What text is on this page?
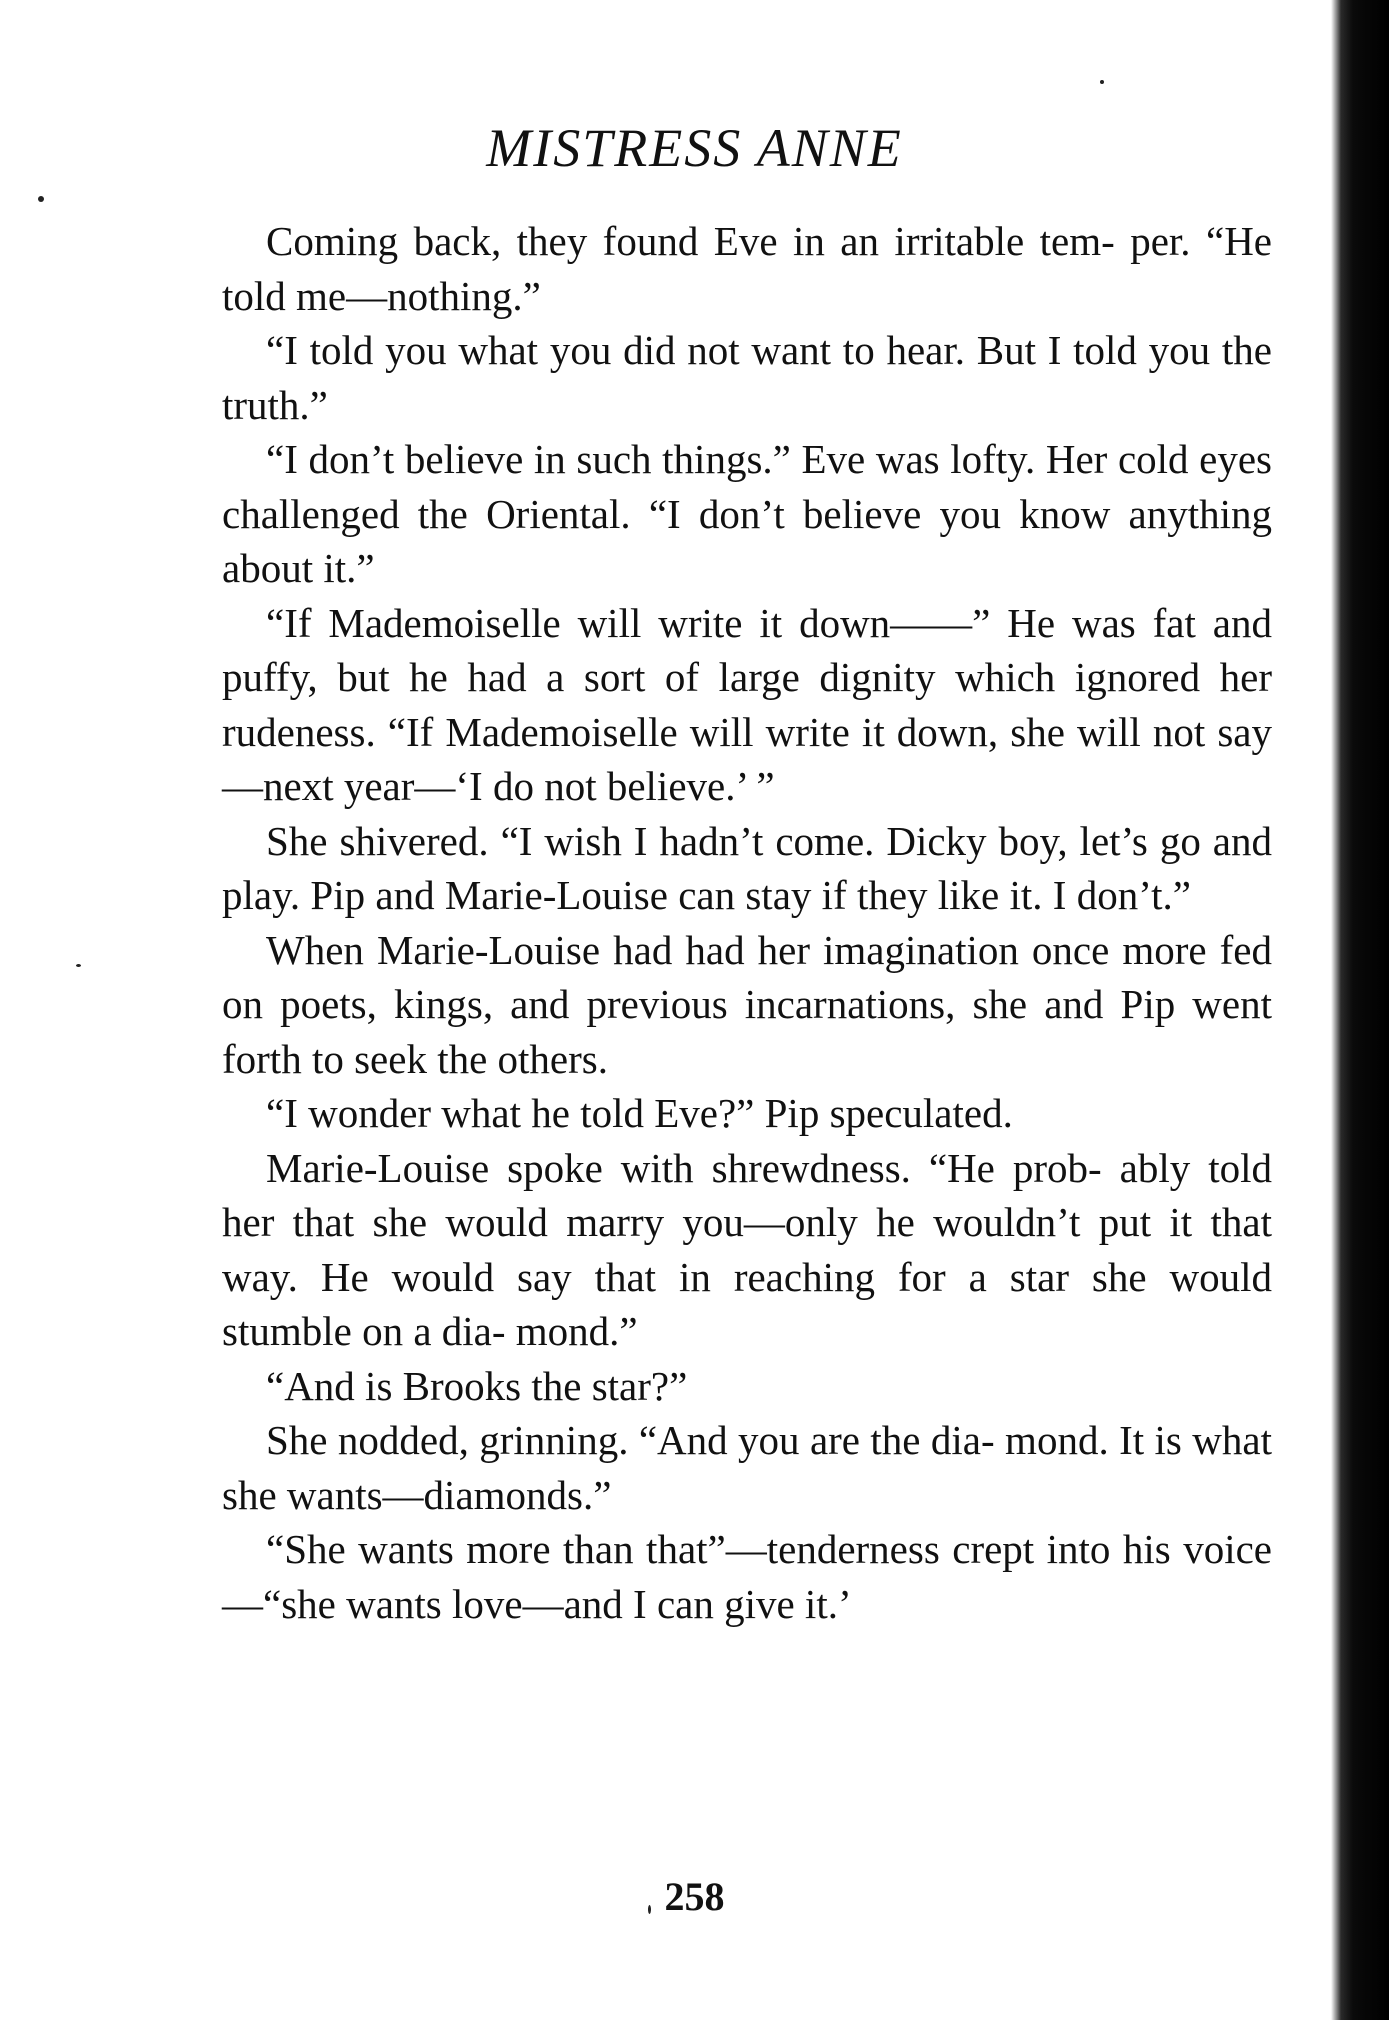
MISTRESS ANNE

Coming back, they found Eve in an irritable tem- per. “He told me—nothing.”

“I told you what you did not want to hear. But I told you the truth.”

“I don’t believe in such things.” Eve was lofty. Her cold eyes challenged the Oriental. “I don’t believe you know anything about it.”

“If Mademoiselle will write it down——” He was fat and puffy, but he had a sort of large dignity which ignored her rudeness. “If Mademoiselle will write it down, she will not say—next year—‘I do not believe.’ ”

She shivered. “I wish I hadn’t come. Dicky boy, let’s go and play. Pip and Marie-Louise can stay if they like it. I don’t.”

When Marie-Louise had had her imagination once more fed on poets, kings, and previous incarnations, she and Pip went forth to seek the others.

“I wonder what he told Eve?” Pip speculated.

Marie-Louise spoke with shrewdness. “He prob- ably told her that she would marry you—only he wouldn’t put it that way. He would say that in reaching for a star she would stumble on a dia- mond.”

“And is Brooks the star?”

She nodded, grinning. “And you are the dia- mond. It is what she wants—diamonds.”

“She wants more than that”—tenderness crept into his voice—“she wants love—and I can give it.’

258
